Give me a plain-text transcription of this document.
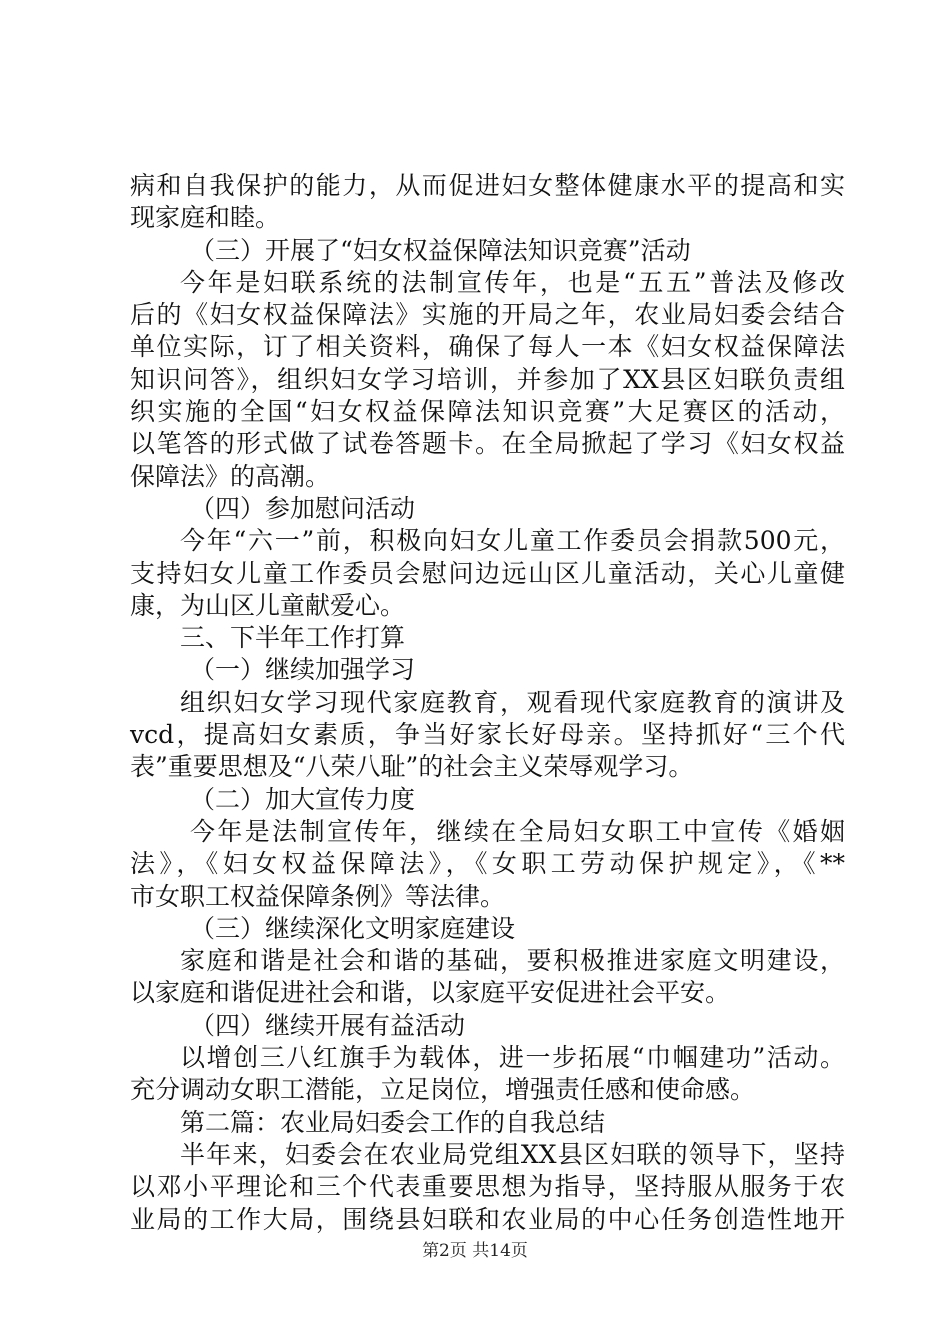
病和自我保护的能力，从而促进妇女整体健康水平的提高和实
现家庭和睦。
（三）开展了“妇女权益保障法知识竞赛”活动
今年是妇联系统的法制宣传年，也是“五五”普法及修改
后的《妇女权益保障法》实施的开局之年，农业局妇委会结合
单位实际，订了相关资料，确保了每人一本《妇女权益保障法
知识问答》，组织妇女学习培训，并参加了XX县区妇联负责组
织实施的全国“妇女权益保障法知识竞赛”大足赛区的活动，
以笔答的形式做了试卷答题卡。在全局掀起了学习《妇女权益
保障法》的高潮。
（四）参加慰问活动
今年“六一”前，积极向妇女儿童工作委员会捐款500元，
支持妇女儿童工作委员会慰问边远山区儿童活动，关心儿童健
康，为山区儿童献爱心。
三、下半年工作打算
（一）继续加强学习
组织妇女学习现代家庭教育，观看现代家庭教育的演讲及
vcd，提高妇女素质，争当好家长好母亲。坚持抓好“三个代
表”重要思想及“八荣八耻”的社会主义荣辱观学习。
（二）加大宣传力度
今年是法制宣传年，继续在全局妇女职工中宣传《婚姻
法》，《妇女权益保障法》，《女职工劳动保护规定》，《**
市女职工权益保障条例》等法律。
（三）继续深化文明家庭建设
家庭和谐是社会和谐的基础，要积极推进家庭文明建设，
以家庭和谐促进社会和谐，以家庭平安促进社会平安。
（四）继续开展有益活动
以增创三八红旗手为载体，进一步拓展“巾帼建功”活动。
充分调动女职工潜能，立足岗位，增强责任感和使命感。
第二篇：农业局妇委会工作的自我总结
半年来，妇委会在农业局党组XX县区妇联的领导下，坚持
以邓小平理论和三个代表重要思想为指导，坚持服从服务于农
业局的工作大局，围绕县妇联和农业局的中心任务创造性地开
第2页 共14页
